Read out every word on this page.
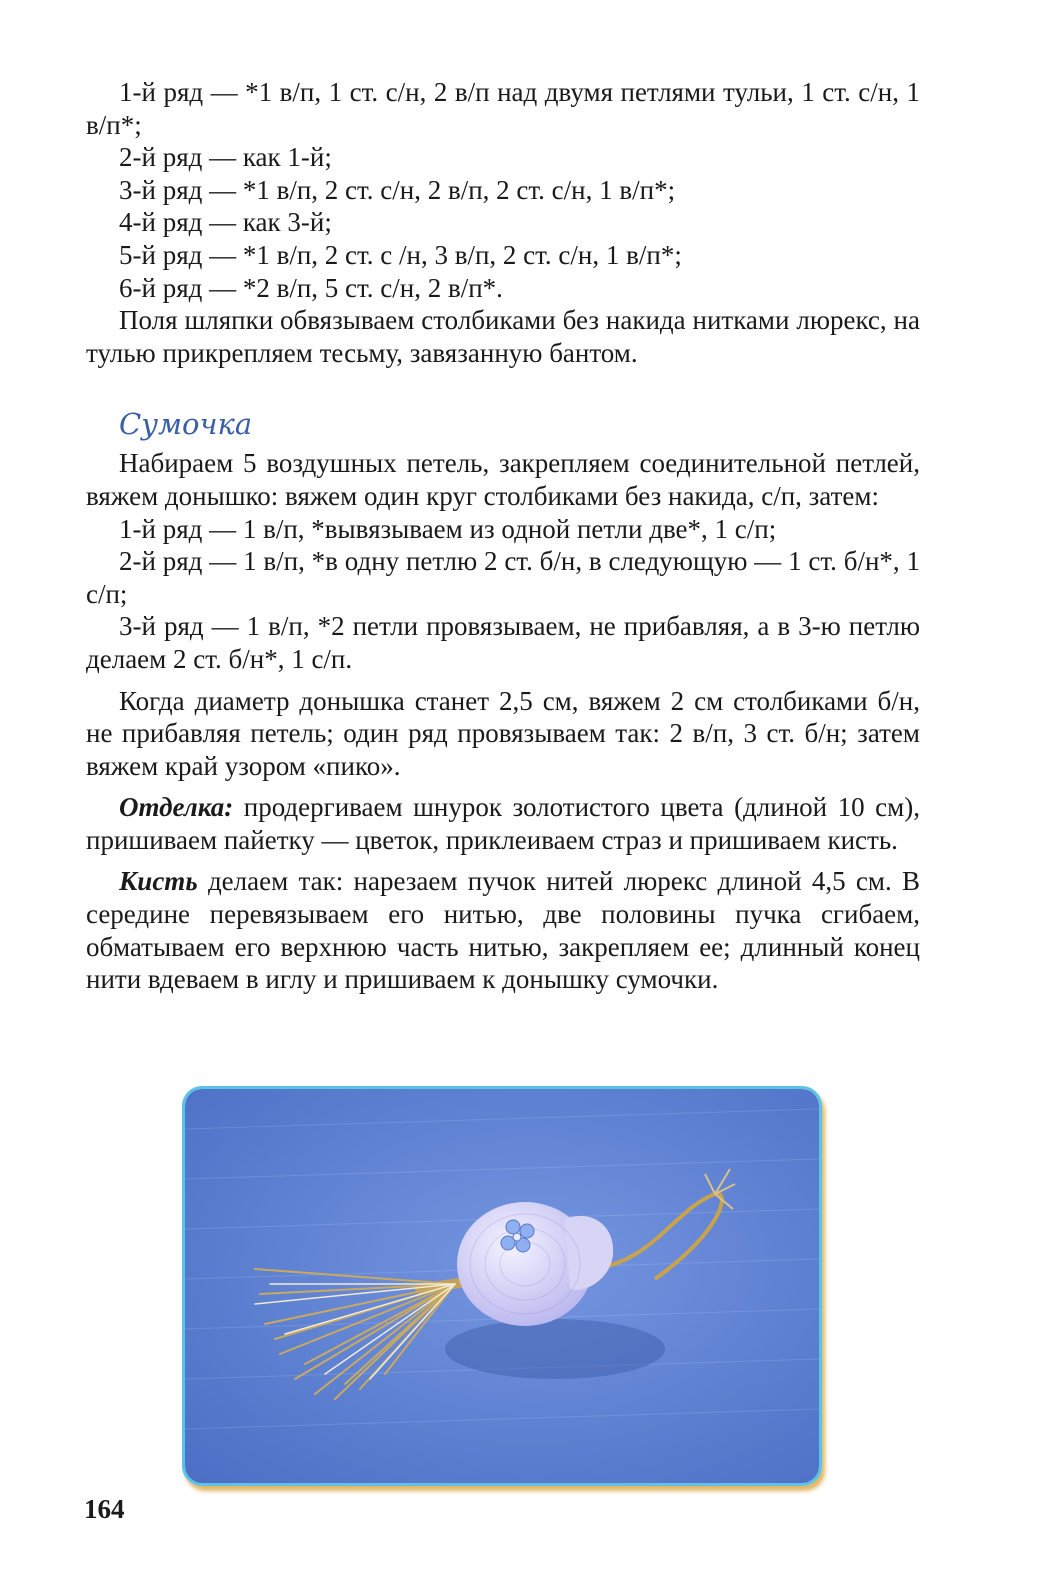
1-й ряд — *1 в/п, 1 ст. с/н, 2 в/п над двумя петлями тульи, 1 ст. с/н, 1 в/п*;

2-й ряд — как 1-й;

3-й ряд — *1 в/п, 2 ст. с/н, 2 в/п, 2 ст. с/н, 1 в/п*;

4-й ряд — как 3-й;

5-й ряд — *1 в/п, 2 ст. с /н, 3 в/п, 2 ст. с/н, 1 в/п*;

6-й ряд — *2 в/п, 5 ст. с/н, 2 в/п*.

Поля шляпки обвязываем столбиками без накида нитками люрекс, на тулью прикрепляем тесьму, завязанную бантом.

Сумочка

Набираем 5 воздушных петель, закрепляем соединительной петлей, вяжем донышко: вяжем один круг столбиками без накида, с/п, затем:

1-й ряд — 1 в/п, *вывязываем из одной петли две*, 1 с/п;

2-й ряд — 1 в/п, *в одну петлю 2 ст. б/н, в следующую — 1 ст. б/н*, 1 с/п;

3-й ряд — 1 в/п, *2 петли провязываем, не прибавляя, а в 3-ю петлю делаем 2 ст. б/н*, 1 с/п.

Когда диаметр донышка станет 2,5 см, вяжем 2 см столбиками б/н, не прибавляя петель; один ряд провязываем так: 2 в/п, 3 ст. б/н; затем вяжем край узором «пико».

Отделка: продергиваем шнурок золотистого цвета (длиной 10 см), пришиваем пайетку — цветок, приклеиваем страз и пришиваем кисть.

Кисть делаем так: нарезаем пучок нитей люрекс длиной 4,5 см. В середине перевязываем его нитью, две половины пучка сгибаем, обматываем его верхнюю часть нитью, закрепляем ее; длинный конец нити вдеваем в иглу и пришиваем к донышку сумочки.

164
